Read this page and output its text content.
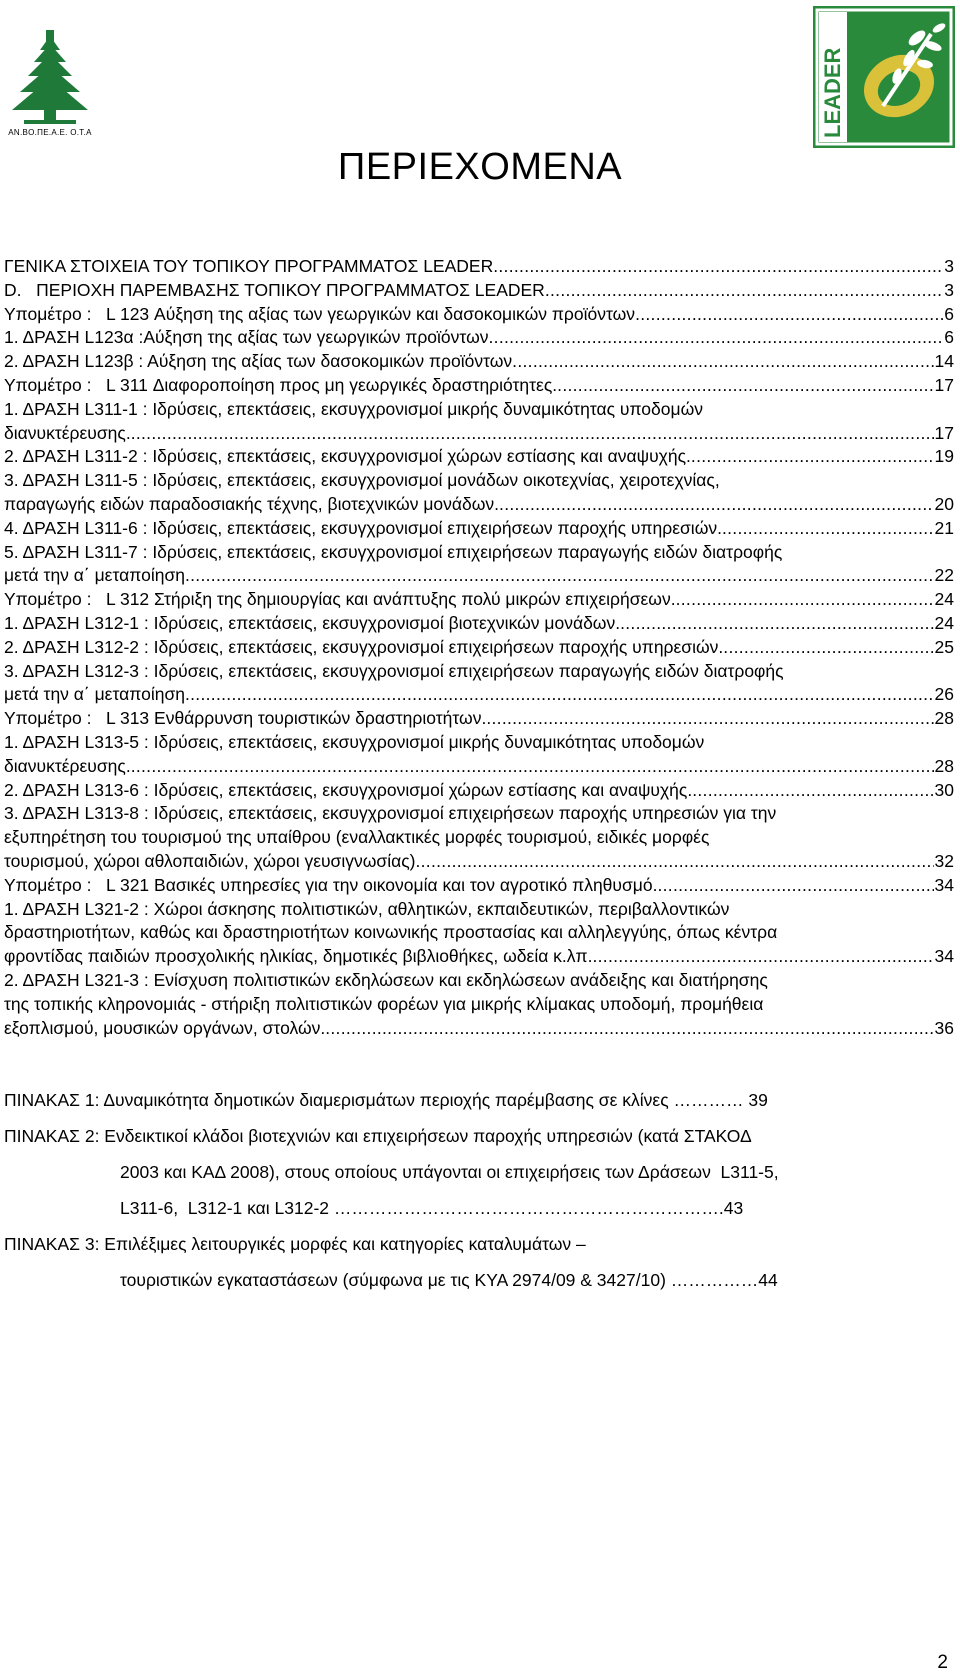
ΑΝ.ΒΟ.ΠΕ.Α.Ε. Ο.Τ.Α	LEADER
ΠΕΡΙΕΧΟΜΕΝΑ
ΓΕΝΙΚΑ ΣΤΟΙΧΕΙΑ ΤΟΥ ΤΟΠΙΚΟΥ ΠΡΟΓΡΑΜΜΑΤΟΣ LEADER .....	3
D.   ΠΕΡΙΟΧΗ ΠΑΡΕΜΒΑΣΗΣ ΤΟΠΙΚΟΥ ΠΡΟΓΡΑΜΜΑΤΟΣ LEADER .....	3
Υπομέτρο :   L 123 Αύξηση της αξίας των γεωργικών και δασοκομικών προϊόντων .....	6
1. ΔΡΑΣΗ L123α :Αύξηση της αξίας των γεωργικών προϊόντων .....	6
2. ΔΡΑΣΗ L123β : Αύξηση της αξίας των δασοκομικών προϊόντων .....	14
Υπομέτρο :   L 311 Διαφοροποίηση προς μη γεωργικές δραστηριότητες. .....	17
1. ΔΡΑΣΗ L311-1 : Ιδρύσεις, επεκτάσεις, εκσυγχρονισμοί μικρής δυναμικότητας υποδομών
διανυκτέρευσης. .....	17
2. ΔΡΑΣΗ L311-2 : Ιδρύσεις, επεκτάσεις, εκσυγχρονισμοί χώρων εστίασης και αναψυχής. .....	19
3. ΔΡΑΣΗ L311-5 : Ιδρύσεις, επεκτάσεις, εκσυγχρονισμοί μονάδων οικοτεχνίας, χειροτεχνίας,
παραγωγής ειδών παραδοσιακής τέχνης, βιοτεχνικών μονάδων. .....	20
4. ΔΡΑΣΗ L311-6 : Ιδρύσεις, επεκτάσεις, εκσυγχρονισμοί επιχειρήσεων παροχής υπηρεσιών. .....	21
5. ΔΡΑΣΗ L311-7 : Ιδρύσεις, επεκτάσεις, εκσυγχρονισμοί επιχειρήσεων παραγωγής ειδών διατροφής
μετά την α΄ μεταποίηση .....	22
Υπομέτρο :   L 312 Στήριξη της δημιουργίας και ανάπτυξης πολύ μικρών επιχειρήσεων. .....	24
1. ΔΡΑΣΗ L312-1 : Ιδρύσεις, επεκτάσεις, εκσυγχρονισμοί βιοτεχνικών μονάδων. .....	24
2. ΔΡΑΣΗ L312-2 : Ιδρύσεις, επεκτάσεις, εκσυγχρονισμοί επιχειρήσεων παροχής υπηρεσιών. .....	25
3. ΔΡΑΣΗ L312-3 : Ιδρύσεις, επεκτάσεις, εκσυγχρονισμοί επιχειρήσεων παραγωγής ειδών διατροφής
μετά την α΄ μεταποίηση .....	26
Υπομέτρο :   L 313 Ενθάρρυνση τουριστικών δραστηριοτήτων. .....	28
1. ΔΡΑΣΗ L313-5 : Ιδρύσεις, επεκτάσεις, εκσυγχρονισμοί μικρής δυναμικότητας υποδομών
διανυκτέρευσης. .....	28
2. ΔΡΑΣΗ L313-6 : Ιδρύσεις, επεκτάσεις, εκσυγχρονισμοί χώρων εστίασης και αναψυχής. .....	30
3. ΔΡΑΣΗ L313-8 : Ιδρύσεις, επεκτάσεις, εκσυγχρονισμοί επιχειρήσεων παροχής υπηρεσιών για την
εξυπηρέτηση του τουρισμού της υπαίθρου (εναλλακτικές μορφές τουρισμού, ειδικές μορφές
τουρισμού, χώροι αθλοπαιδιών, χώροι γευσιγνωσίας) .....	32
Υπομέτρο :   L 321 Βασικές υπηρεσίες για την οικονομία και τον αγροτικό πληθυσμό. .....	34
1. ΔΡΑΣΗ L321-2 : Χώροι άσκησης πολιτιστικών, αθλητικών, εκπαιδευτικών, περιβαλλοντικών
δραστηριοτήτων, καθώς και δραστηριοτήτων κοινωνικής προστασίας και αλληλεγγύης, όπως κέντρα
φροντίδας παιδιών προσχολικής ηλικίας, δημοτικές βιβλιοθήκες, ωδεία κ.λπ. .....	34
2. ΔΡΑΣΗ L321-3 : Ενίσχυση πολιτιστικών εκδηλώσεων και εκδηλώσεων ανάδειξης και διατήρησης
της τοπικής κληρονομιάς - στήριξη πολιτιστικών φορέων για μικρής κλίμακας υποδομή, προμήθεια
εξοπλισμού, μουσικών οργάνων, στολών. .....	36
ΠΙΝΑΚΑΣ 1: Δυναμικότητα δημοτικών διαμερισμάτων περιοχής παρέμβασης σε κλίνες ………… 39
ΠΙΝΑΚΑΣ 2: Ενδεικτικοί κλάδοι βιοτεχνιών και επιχειρήσεων παροχής υπηρεσιών (κατά ΣΤΑΚΟΔ
2003 και ΚΑΔ 2008), στους οποίους υπάγονται οι επιχειρήσεις των Δράσεων  L311-5,
L311-6,  L312-1 και L312-2 ………………………………………………………….43
ΠΙΝΑΚΑΣ 3: Επιλέξιμες λειτουργικές μορφές και κατηγορίες καταλυμάτων –
τουριστικών εγκαταστάσεων (σύμφωνα με τις ΚΥΑ 2974/09 & 3427/10) ……………44
2
